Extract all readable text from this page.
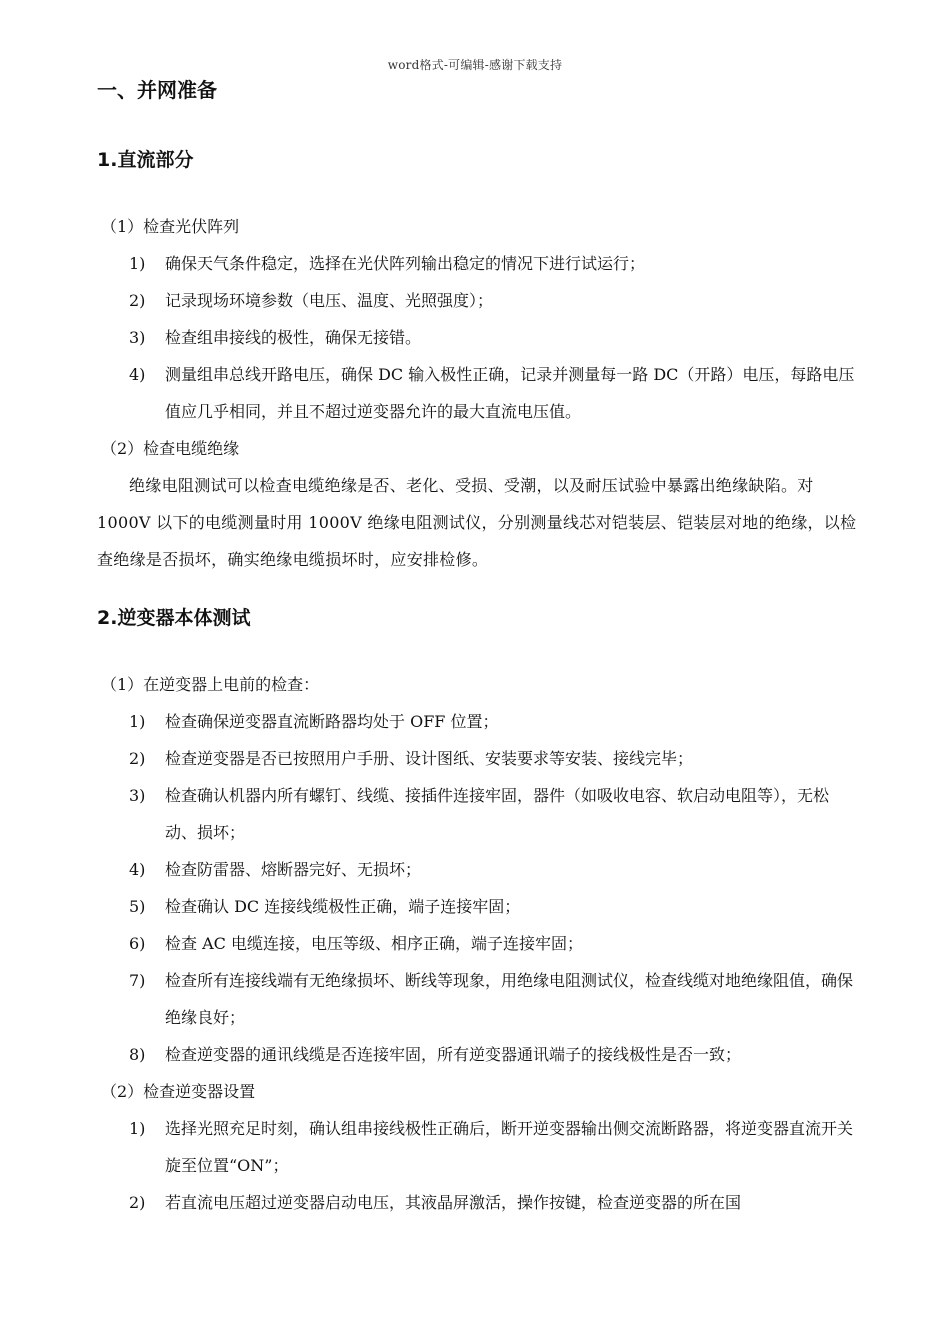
word格式-可编辑-感谢下载支持
一、并网准备
1.直流部分
（1）检查光伏阵列
1) 确保天气条件稳定，选择在光伏阵列输出稳定的情况下进行试运行；
2) 记录现场环境参数（电压、温度、光照强度）；
3) 检查组串接线的极性，确保无接错。
4) 测量组串总线开路电压，确保 DC 输入极性正确，记录并测量每一路 DC（开路）电压，每路电压值应几乎相同，并且不超过逆变器允许的最大直流电压值。
（2）检查电缆绝缘
绝缘电阻测试可以检查电缆绝缘是否、老化、受损、受潮，以及耐压试验中暴露出绝缘缺陷。对 1000V 以下的电缆测量时用 1000V 绝缘电阻测试仪，分别测量线芯对铠装层、铠装层对地的绝缘，以检查绝缘是否损坏，确实绝缘电缆损坏时，应安排检修。
2.逆变器本体测试
（1）在逆变器上电前的检查：
1) 检查确保逆变器直流断路器均处于 OFF 位置；
2) 检查逆变器是否已按照用户手册、设计图纸、安装要求等安装、接线完毕；
3) 检查确认机器内所有螺钉、线缆、接插件连接牢固，器件（如吸收电容、软启动电阻等），无松动、损坏；
4) 检查防雷器、熔断器完好、无损坏；
5) 检查确认 DC 连接线缆极性正确，端子连接牢固；
6) 检查 AC 电缆连接，电压等级、相序正确，端子连接牢固；
7) 检查所有连接线端有无绝缘损坏、断线等现象，用绝缘电阻测试仪，检查线缆对地绝缘阻值，确保绝缘良好；
8) 检查逆变器的通讯线缆是否连接牢固，所有逆变器通讯端子的接线极性是否一致；
（2）检查逆变器设置
1) 选择光照充足时刻，确认组串接线极性正确后，断开逆变器输出侧交流断路器，将逆变器直流开关旋至位置“ON”；
2) 若直流电压超过逆变器启动电压，其液晶屏激活，操作按键，检查逆变器的所在国
